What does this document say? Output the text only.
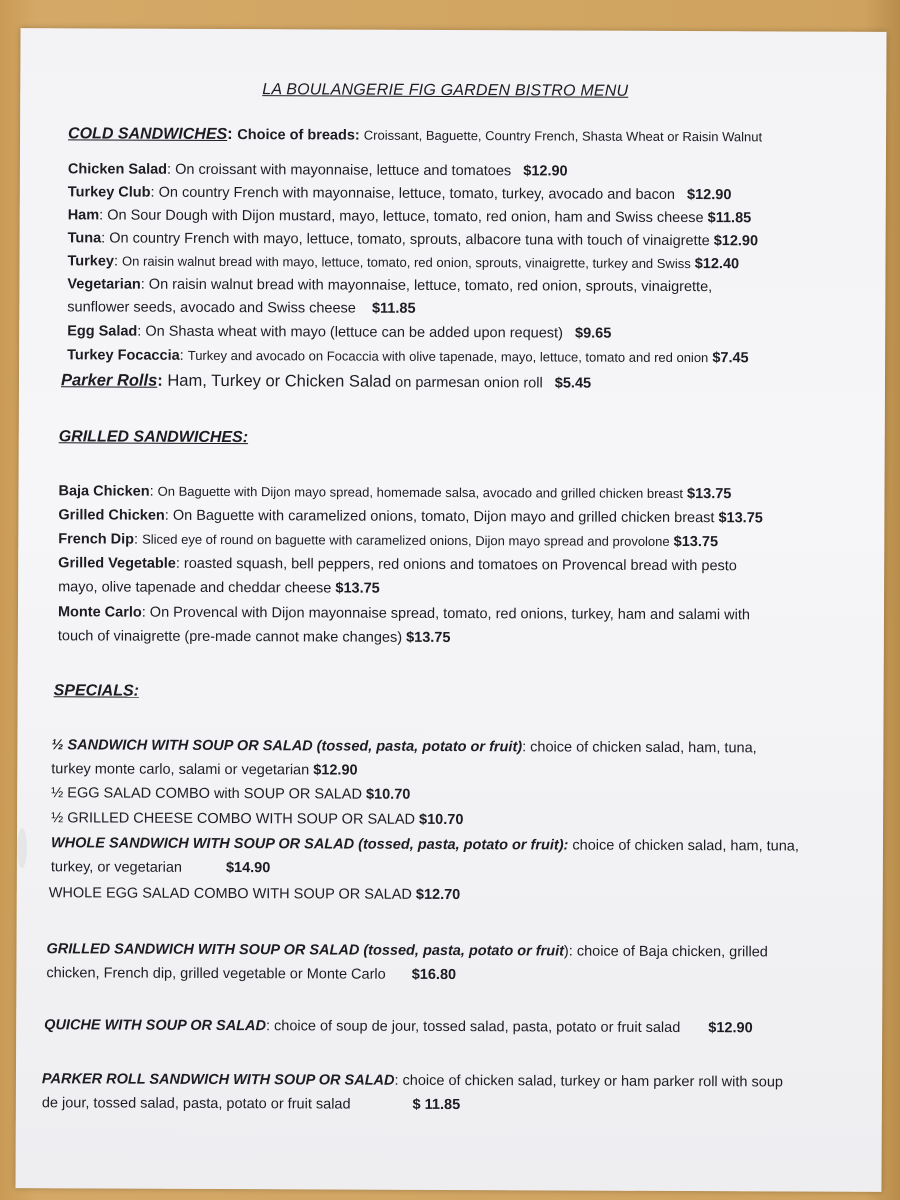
LA BOULANGERIE FIG GARDEN BISTRO MENU
COLD SANDWICHES: Choice of breads: Croissant, Baguette, Country French, Shasta Wheat or Raisin Walnut
Chicken Salad: On croissant with mayonnaise, lettuce and tomatoes $12.90
Turkey Club: On country French with mayonnaise, lettuce, tomato, turkey, avocado and bacon $12.90
Ham: On Sour Dough with Dijon mustard, mayo, lettuce, tomato, red onion, ham and Swiss cheese $11.85
Tuna: On country French with mayo, lettuce, tomato, sprouts, albacore tuna with touch of vinaigrette $12.90
Turkey: On raisin walnut bread with mayo, lettuce, tomato, red onion, sprouts, vinaigrette, turkey and Swiss $12.40
Vegetarian: On raisin walnut bread with mayonnaise, lettuce, tomato, red onion, sprouts, vinaigrette,
sunflower seeds, avocado and Swiss cheese $11.85
Egg Salad: On Shasta wheat with mayo (lettuce can be added upon request) $9.65
Turkey Focaccia: Turkey and avocado on Focaccia with olive tapenade, mayo, lettuce, tomato and red onion $7.45
Parker Rolls: Ham, Turkey or Chicken Salad on parmesan onion roll $5.45
GRILLED SANDWICHES:
Baja Chicken: On Baguette with Dijon mayo spread, homemade salsa, avocado and grilled chicken breast $13.75
Grilled Chicken: On Baguette with caramelized onions, tomato, Dijon mayo and grilled chicken breast $13.75
French Dip: Sliced eye of round on baguette with caramelized onions, Dijon mayo spread and provolone $13.75
Grilled Vegetable: roasted squash, bell peppers, red onions and tomatoes on Provencal bread with pesto
mayo, olive tapenade and cheddar cheese $13.75
Monte Carlo: On Provencal with Dijon mayonnaise spread, tomato, red onions, turkey, ham and salami with
touch of vinaigrette (pre-made cannot make changes) $13.75
SPECIALS:
½ SANDWICH WITH SOUP OR SALAD (tossed, pasta, potato or fruit): choice of chicken salad, ham, tuna,
turkey monte carlo, salami or vegetarian $12.90
½ EGG SALAD COMBO with SOUP OR SALAD $10.70
½ GRILLED CHEESE COMBO WITH SOUP OR SALAD $10.70
WHOLE SANDWICH WITH SOUP OR SALAD (tossed, pasta, potato or fruit): choice of chicken salad, ham, tuna,
turkey, or vegetarian	$14.90
WHOLE EGG SALAD COMBO WITH SOUP OR SALAD $12.70
GRILLED SANDWICH WITH SOUP OR SALAD (tossed, pasta, potato or fruit): choice of Baja chicken, grilled
chicken, French dip, grilled vegetable or Monte Carlo $16.80
QUICHE WITH SOUP OR SALAD: choice of soup de jour, tossed salad, pasta, potato or fruit salad $12.90
PARKER ROLL SANDWICH WITH SOUP OR SALAD: choice of chicken salad, turkey or ham parker roll with soup
de jour, tossed salad, pasta, potato or fruit salad	$ 11.85
